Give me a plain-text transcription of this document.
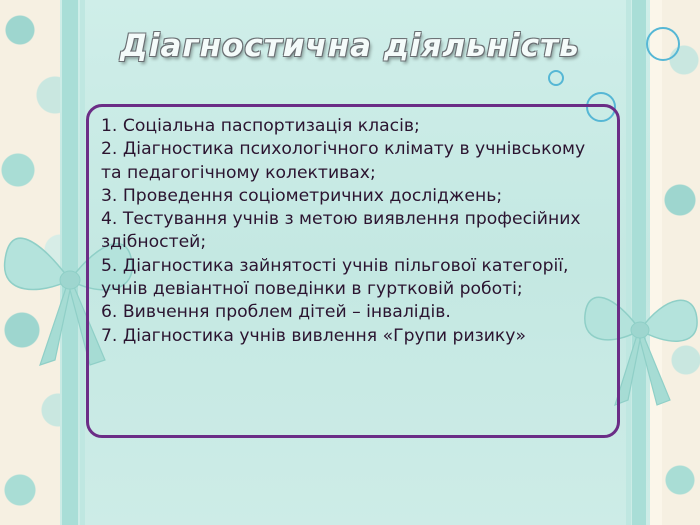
Діагностична діяльність
1. Соціальна паспортизація класів;
2. Діагностика психологічного клімату в учнівському та педагогічному колективах;
3. Проведення соціометричних досліджень;
4. Тестування учнів з метою виявлення професійних здібностей;
5. Діагностика зайнятості учнів пільгової категорії, учнів девіантної поведінки в гуртковій роботі;
6. Вивчення проблем дітей – інвалідів.
7. Діагностика учнів вивлення «Групи ризику»
